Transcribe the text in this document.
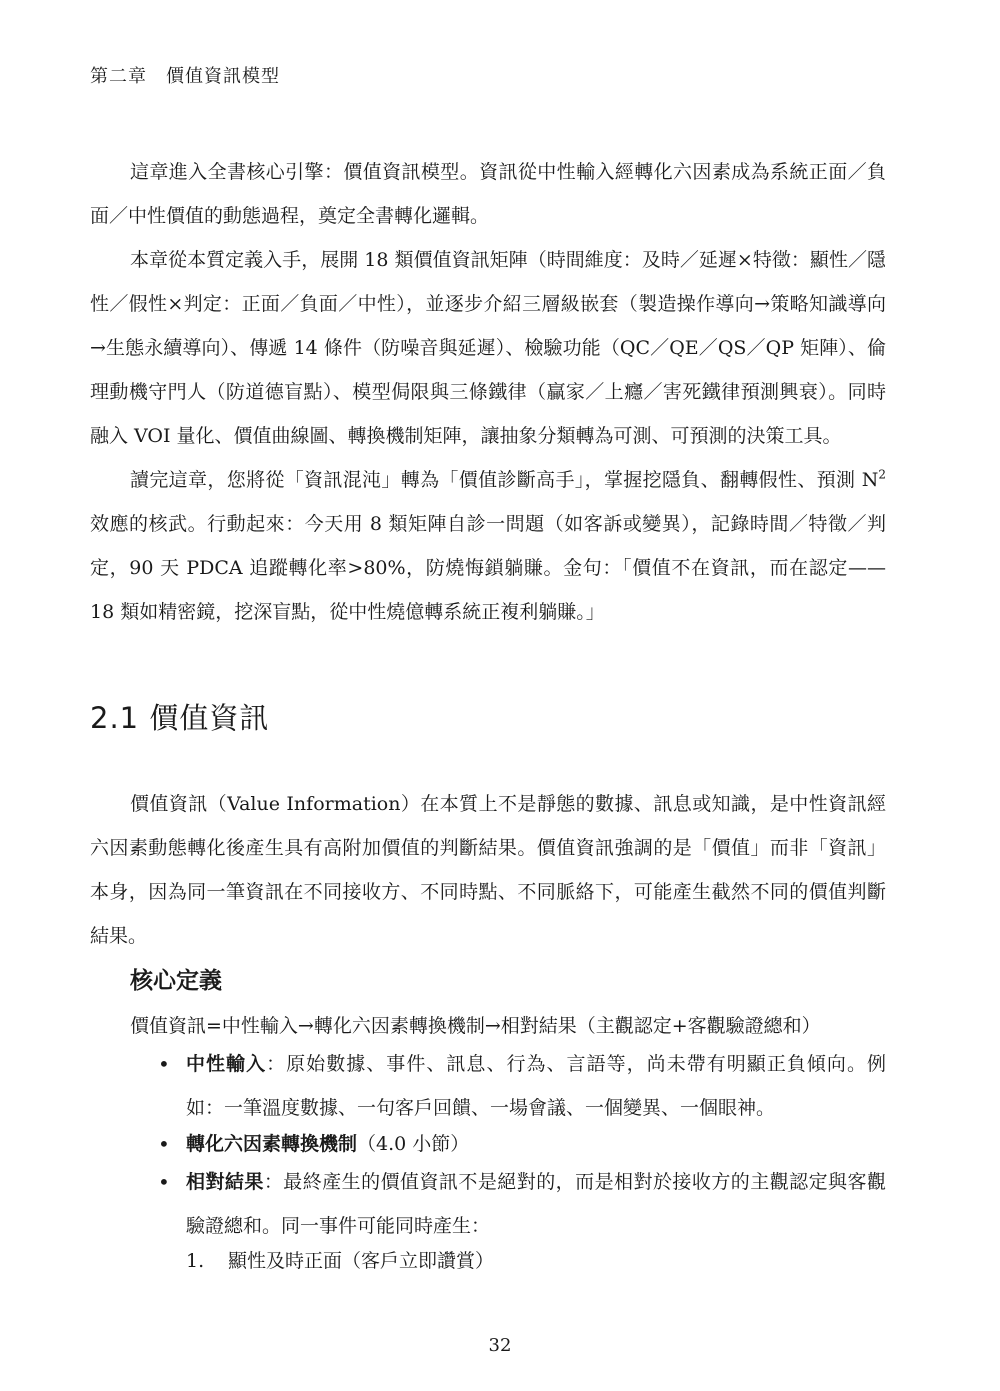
第二章　價值資訊模型

這章進入全書核心引擎：價值資訊模型。資訊從中性輸入經轉化六因素成為系統正面／負面／中性價值的動態過程，奠定全書轉化邏輯。

本章從本質定義入手，展開 18 類價值資訊矩陣（時間維度：及時／延遲×特徵：顯性／隱性／假性×判定：正面／負面／中性），並逐步介紹三層級嵌套（製造操作導向→策略知識導向→生態永續導向）、傳遞 14 條件（防噪音與延遲）、檢驗功能（QC／QE／QS／QP 矩陣）、倫理動機守門人（防道德盲點）、模型侷限與三條鐵律（贏家／上癮／害死鐵律預測興衰）。同時融入 VOI 量化、價值曲線圖、轉換機制矩陣，讓抽象分類轉為可測、可預測的決策工具。

讀完這章，您將從「資訊混沌」轉為「價值診斷高手」，掌握挖隱負、翻轉假性、預測 $N^2$效應的核武。行動起來：今天用 8 類矩陣自診一問題（如客訴或變異），記錄時間／特徵／判定，90 天 PDCA 追蹤轉化率>80%，防燒悔鎖躺賺。金句：「價值不在資訊，而在認定——18 類如精密鏡，挖深盲點，從中性燒億轉系統正複利躺賺。」

2.1 價值資訊

價值資訊（Value Information）在本質上不是靜態的數據、訊息或知識，是中性資訊經六因素動態轉化後產生具有高附加價值的判斷結果。價值資訊強調的是「價值」而非「資訊」本身，因為同一筆資訊在不同接收方、不同時點、不同脈絡下，可能產生截然不同的價值判斷結果。

核心定義

價值資訊=中性輸入→轉化六因素轉換機制→相對結果（主觀認定+客觀驗證總和）

• 中性輸入：原始數據、事件、訊息、行為、言語等，尚未帶有明顯正負傾向。例如：一筆溫度數據、一句客戶回饋、一場會議、一個變異、一個眼神。
• 轉化六因素轉換機制（4.0 小節）
• 相對結果：最終產生的價值資訊不是絕對的，而是相對於接收方的主觀認定與客觀驗證總和。同一事件可能同時產生：
1. 顯性及時正面（客戶立即讚賞）
32
